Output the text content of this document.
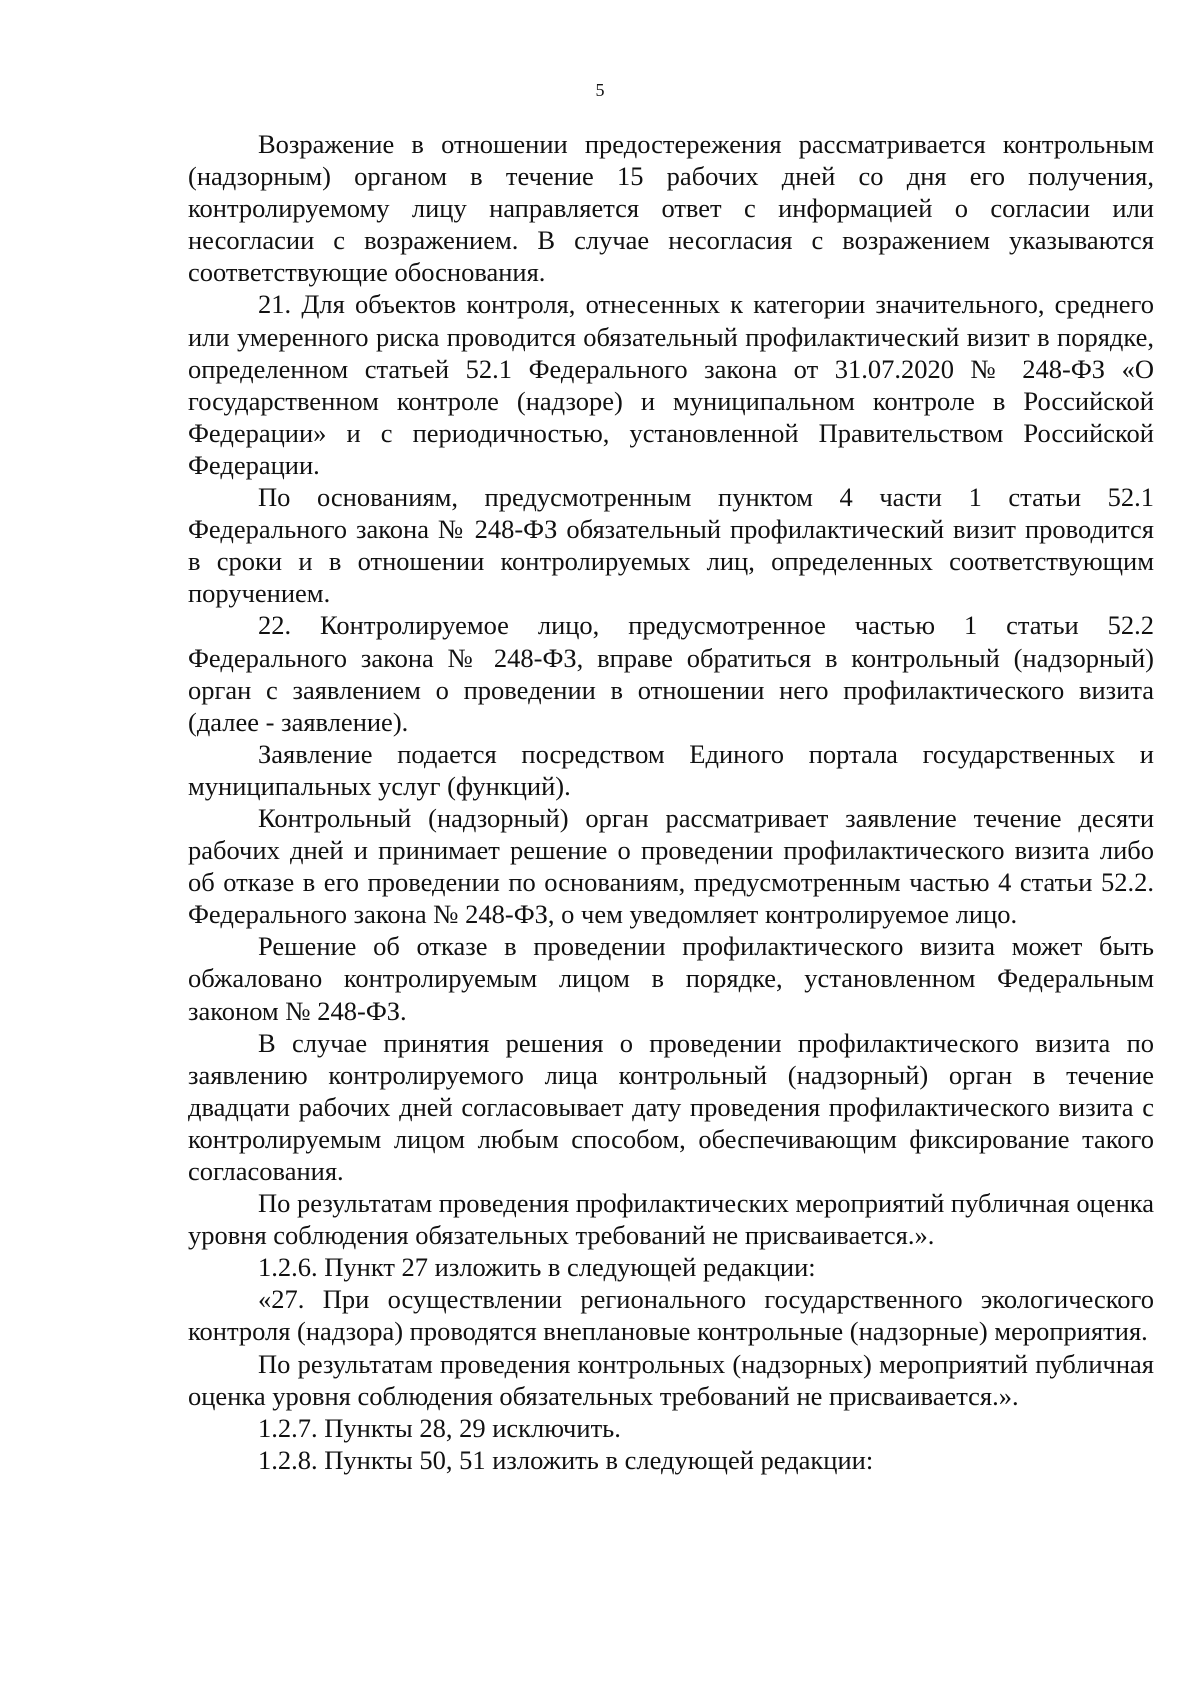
5

Возражение в отношении предостережения рассматривается контрольным (надзорным) органом в течение 15 рабочих дней со дня его получения, контролируемому лицу направляется ответ с информацией о согласии или несогласии с возражением. В случае несогласия с возражением указываются соответствующие обоснования.

21. Для объектов контроля, отнесенных к категории значительного, среднего или умеренного риска проводится обязательный профилактический визит в порядке, определенном статьей 52.1 Федерального закона от 31.07.2020 № 248-ФЗ «О государственном контроле (надзоре) и муниципальном контроле в Российской Федерации» и с периодичностью, установленной Правительством Российской Федерации.

По основаниям, предусмотренным пунктом 4 части 1 статьи 52.1 Федерального закона № 248-ФЗ обязательный профилактический визит проводится в сроки и в отношении контролируемых лиц, определенных соответствующим поручением.

22. Контролируемое лицо, предусмотренное частью 1 статьи 52.2 Федерального закона № 248-ФЗ, вправе обратиться в контрольный (надзорный) орган с заявлением о проведении в отношении него профилактического визита (далее - заявление).

Заявление подается посредством Единого портала государственных и муниципальных услуг (функций).

Контрольный (надзорный) орган рассматривает заявление течение десяти рабочих дней и принимает решение о проведении профилактического визита либо об отказе в его проведении по основаниям, предусмотренным частью 4 статьи 52.2. Федерального закона № 248-ФЗ, о чем уведомляет контролируемое лицо.

Решение об отказе в проведении профилактического визита может быть обжаловано контролируемым лицом в порядке, установленном Федеральным законом № 248-ФЗ.

В случае принятия решения о проведении профилактического визита по заявлению контролируемого лица контрольный (надзорный) орган в течение двадцати рабочих дней согласовывает дату проведения профилактического визита с контролируемым лицом любым способом, обеспечивающим фиксирование такого согласования.

По результатам проведения профилактических мероприятий публичная оценка уровня соблюдения обязательных требований не присваивается.».

1.2.6. Пункт 27 изложить в следующей редакции:

«27. При осуществлении регионального государственного экологического контроля (надзора) проводятся внеплановые контрольные (надзорные) мероприятия.

По результатам проведения контрольных (надзорных) мероприятий публичная оценка уровня соблюдения обязательных требований не присваивается.».

1.2.7. Пункты 28, 29 исключить.

1.2.8. Пункты 50, 51 изложить в следующей редакции:
